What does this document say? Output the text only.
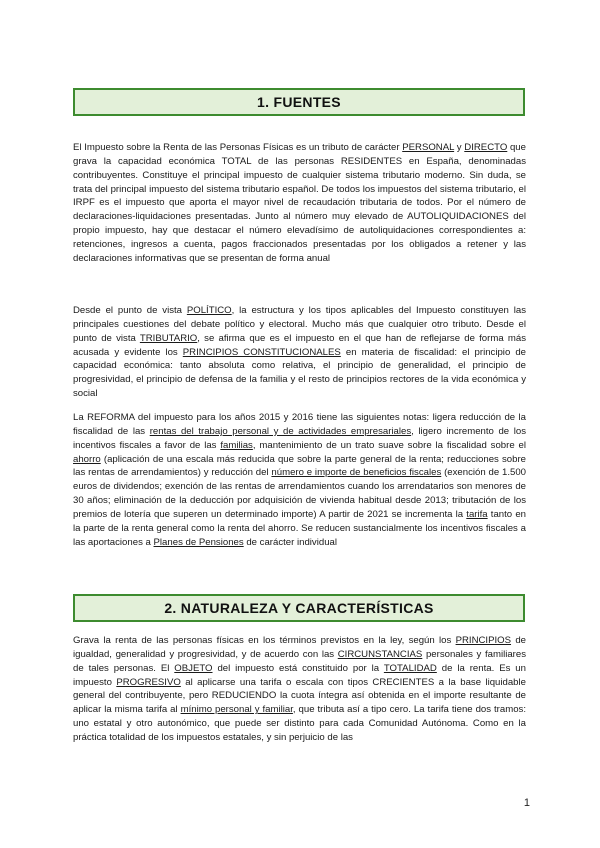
1. FUENTES

El Impuesto sobre la Renta de las Personas Físicas es un tributo de carácter PERSONAL y DIRECTO que grava la capacidad económica TOTAL de las personas RESIDENTES en España, denominadas contribuyentes. Constituye el principal impuesto de cualquier sistema tributario moderno. Sin duda, se trata del principal impuesto del sistema tributario español. De todos los impuestos del sistema tributario, el IRPF es el impuesto que aporta el mayor nivel de recaudación tributaria de todos. Por el número de declaraciones-liquidaciones presentadas. Junto al número muy elevado de AUTOLIQUIDACIONES del propio impuesto, hay que destacar el número elevadísimo de autoliquidaciones correspondientes a: retenciones, ingresos a cuenta, pagos fraccionados presentadas por los obligados a retener y las declaraciones informativas que se presentan de forma anual

Desde el punto de vista POLÍTICO, la estructura y los tipos aplicables del Impuesto constituyen las principales cuestiones del debate político y electoral. Mucho más que cualquier otro tributo. Desde el punto de vista TRIBUTARIO, se afirma que es el impuesto en el que han de reflejarse de forma más acusada y evidente los PRINCIPIOS CONSTITUCIONALES en materia de fiscalidad: el principio de capacidad económica: tanto absoluta como relativa, el principio de generalidad, el principio de progresividad, el principio de defensa de la familia y el resto de principios rectores de la vida económica y social

La REFORMA del impuesto para los años 2015 y 2016 tiene las siguientes notas: ligera reducción de la fiscalidad de las rentas del trabajo personal y de actividades empresariales, ligero incremento de los incentivos fiscales a favor de las familias, mantenimiento de un trato suave sobre la fiscalidad sobre el ahorro (aplicación de una escala más reducida que sobre la parte general de la renta; reducciones sobre las rentas de arrendamientos) y reducción del número e importe de beneficios fiscales (exención de 1.500 euros de dividendos; exención de las rentas de arrendamientos cuando los arrendatarios son menores de 30 años; eliminación de la deducción por adquisición de vivienda habitual desde 2013; tributación de los premios de lotería que superen un determinado importe) A partir de 2021 se incrementa la tarifa tanto en la parte de la renta general como la renta del ahorro. Se reducen sustancialmente los incentivos fiscales a las aportaciones a Planes de Pensiones de carácter individual

2. NATURALEZA Y CARACTERÍSTICAS

Grava la renta de las personas físicas en los términos previstos en la ley, según los PRINCIPIOS de igualdad, generalidad y progresividad, y de acuerdo con las CIRCUNSTANCIAS personales y familiares de tales personas. El OBJETO del impuesto está constituido por la TOTALIDAD de la renta. Es un impuesto PROGRESIVO al aplicarse una tarifa o escala con tipos CRECIENTES a la base liquidable general del contribuyente, pero REDUCIENDO la cuota íntegra así obtenida en el importe resultante de aplicar la misma tarifa al mínimo personal y familiar, que tributa así a tipo cero. La tarifa tiene dos tramos: uno estatal y otro autonómico, que puede ser distinto para cada Comunidad Autónoma. Como en la práctica totalidad de los impuestos estatales, y sin perjuicio de las

1
